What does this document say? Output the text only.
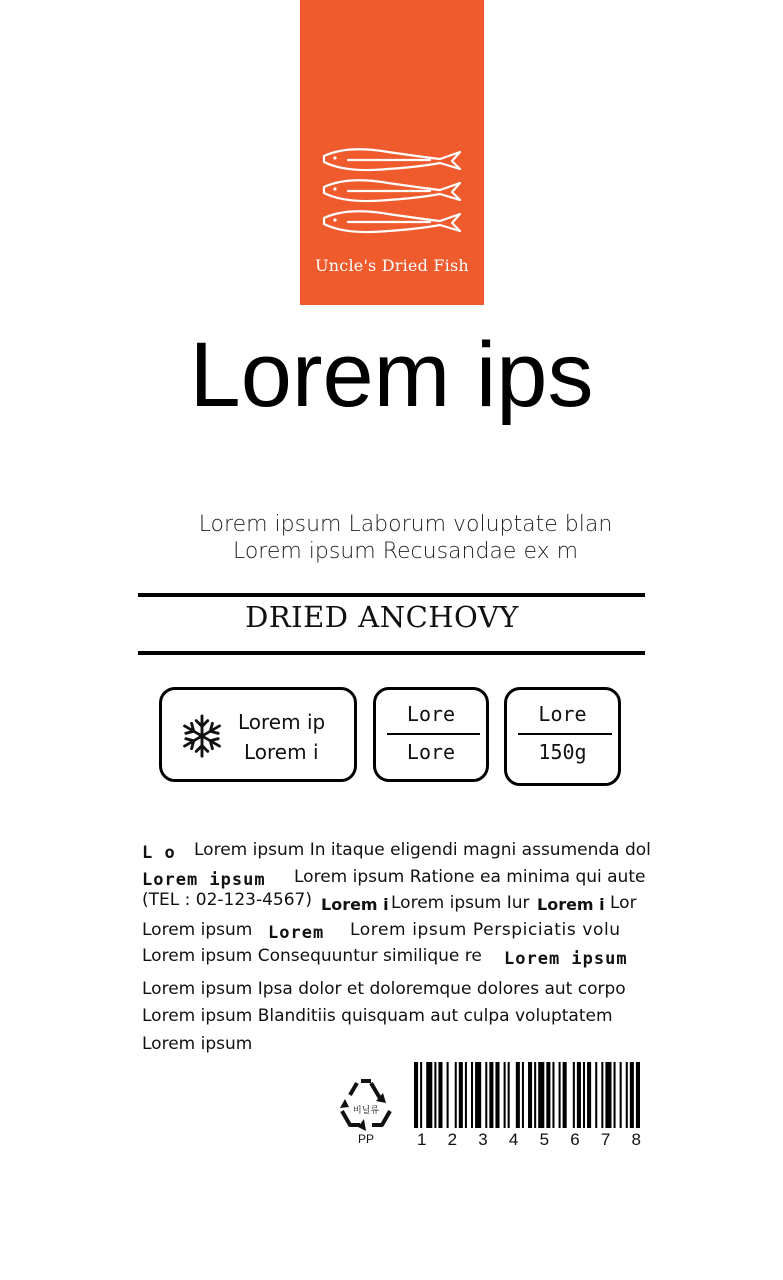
Uncle's Dried Fish
Lorem ips
Lorem ipsum Laborum voluptate blan
Lorem ipsum Recusandae ex m
DRIED ANCHOVY
Lorem ip
Lorem i
Lore
Lore
Lore
150g
L o Lorem ipsum In itaque eligendi magni assumenda dol
Lorem ipsum Lorem ipsum Ratione ea minima qui aute
(TEL : 02-123-4567) Lorem i Lorem ipsum Iur Lorem i Lor
Lorem ipsum Lorem Lorem ipsum Perspiciatis volu
Lorem ipsum Consequuntur similique re Lorem ipsum
Lorem ipsum Ipsa dolor et doloremque dolores aut corpo
Lorem ipsum Blanditiis quisquam aut culpa voluptatem
Lorem ipsum
비닐류
PP	1 2 3 4 5 6 7 8
